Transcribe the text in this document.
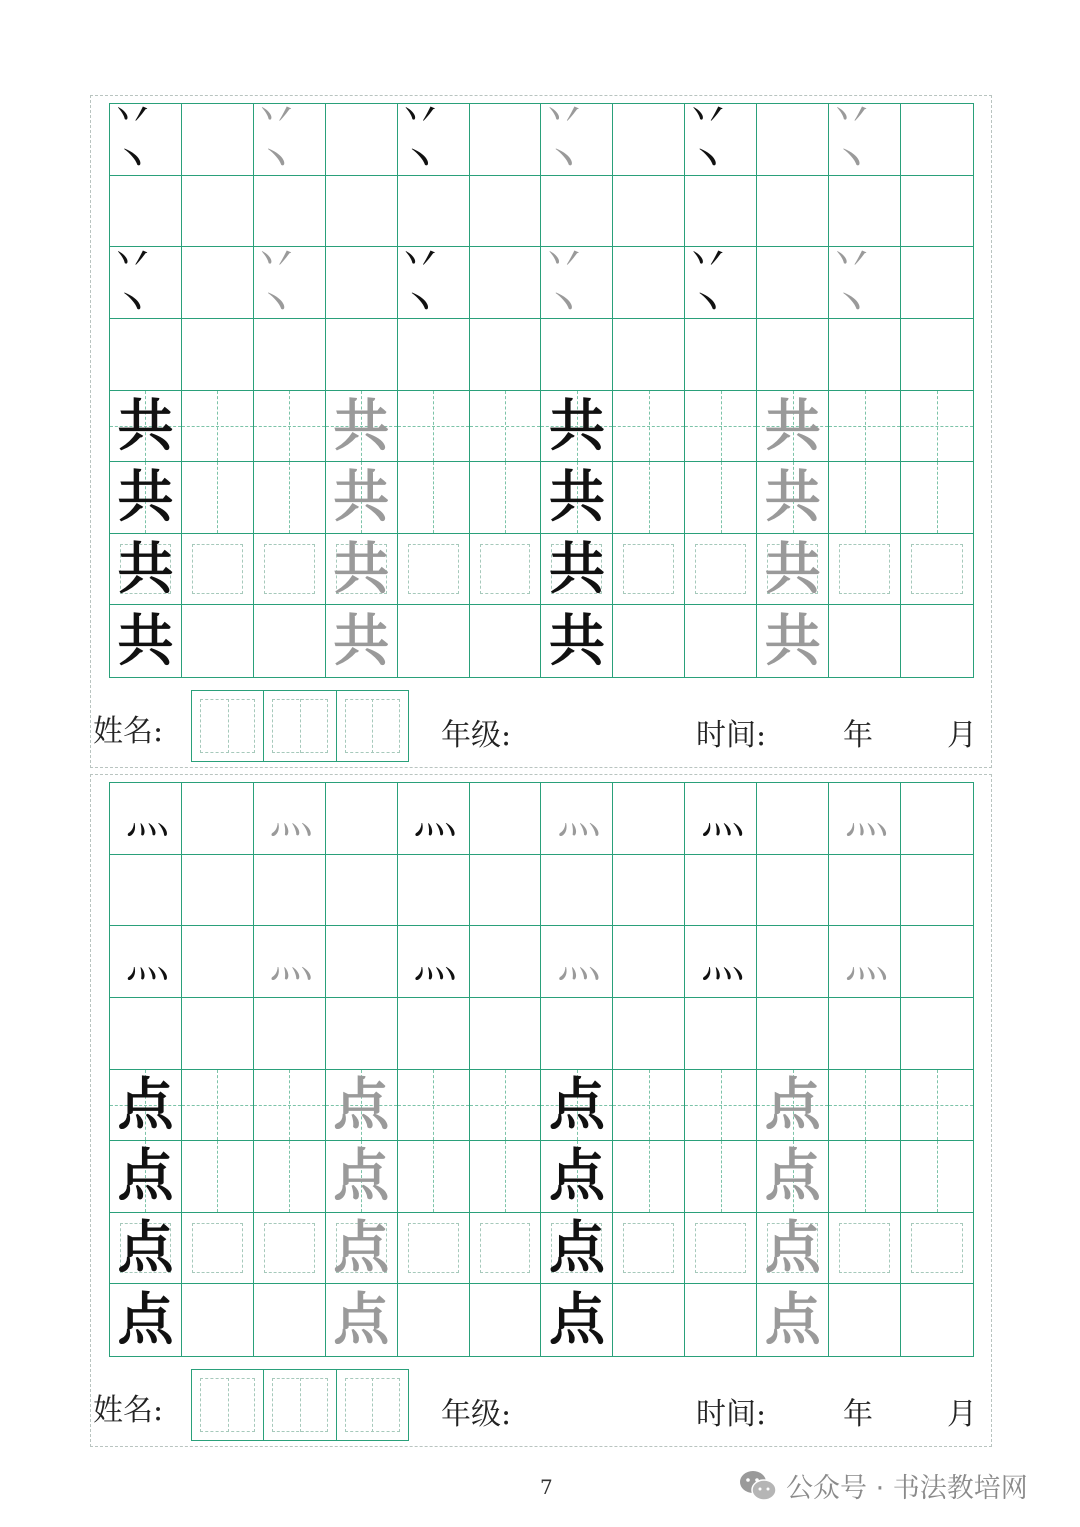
丷丶
丷丶
丷丶
丷丶
丷丶
丷丶
丷丶
丷丶
丷丶
丷丶
丷丶
丷丶
共	共	共	共
共	共	共	共
共	共	共	共
共	共	共	共
姓名:	年级:	时间:	年 月
灬 灬 灬 灬 灬 灬
灬 灬 灬 灬 灬 灬
点	点	点	点
点	点	点	点
点	点	点	点
点	点	点	点
姓名:	年级:	时间:	年 月
7	公众号 · 书法教培网
